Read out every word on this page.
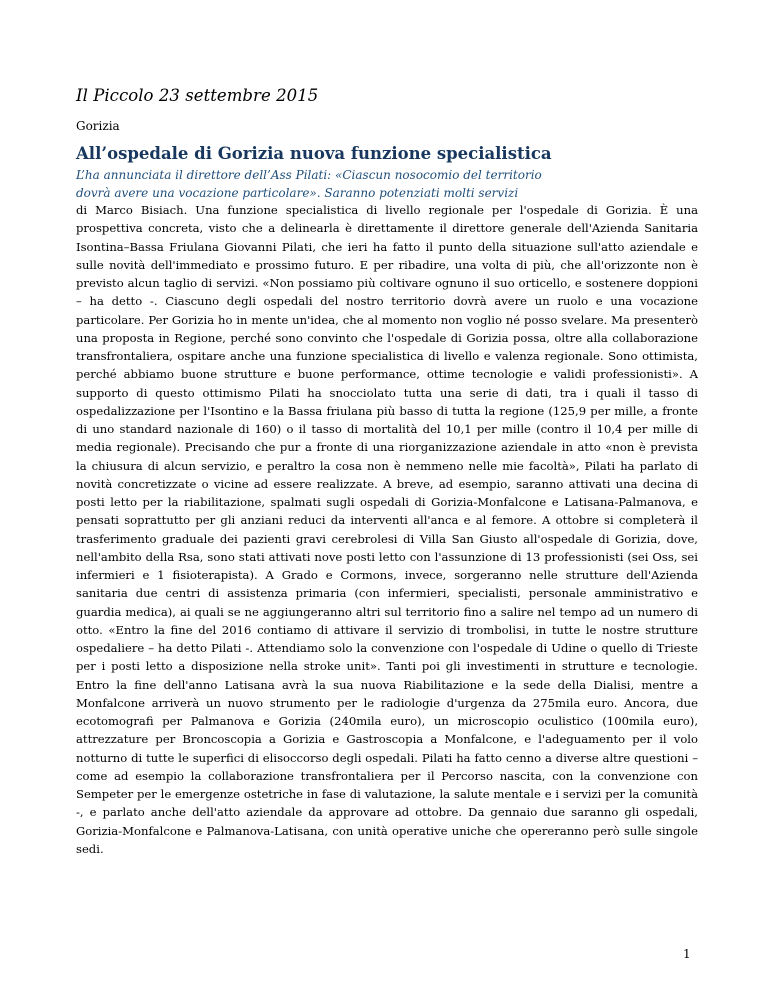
Il Piccolo 23 settembre 2015
Gorizia
All’ospedale di Gorizia nuova funzione specialistica
L’ha annunciata il direttore dell’Ass Pilati: «Ciascun nosocomio del territorio
dovrà avere una vocazione particolare». Saranno potenziati molti servizi

di Marco Bisiach. Una funzione specialistica di livello regionale per l'ospedale di Gorizia. È una prospettiva concreta, visto che a delinearla è direttamente il direttore generale dell'Azienda Sanitaria Isontina–Bassa Friulana Giovanni Pilati, che ieri ha fatto il punto della situazione sull'atto aziendale e sulle novità dell'immediato e prossimo futuro. E per ribadire, una volta di più, che all'orizzonte non è previsto alcun taglio di servizi. «Non possiamo più coltivare ognuno il suo orticello, e sostenere doppioni – ha detto -. Ciascuno degli ospedali del nostro territorio dovrà avere un ruolo e una vocazione particolare. Per Gorizia ho in mente un'idea, che al momento non voglio né posso svelare. Ma presenterò una proposta in Regione, perché sono convinto che l'ospedale di Gorizia possa, oltre alla collaborazione transfrontaliera, ospitare anche una funzione specialistica di livello e valenza regionale. Sono ottimista, perché abbiamo buone strutture e buone performance, ottime tecnologie e validi professionisti». A supporto di questo ottimismo Pilati ha snocciolato tutta una serie di dati, tra i quali il tasso di ospedalizzazione per l'Isontino e la Bassa friulana più basso di tutta la regione (125,9 per mille, a fronte di uno standard nazionale di 160) o il tasso di mortalità del 10,1 per mille (contro il 10,4 per mille di media regionale). Precisando che pur a fronte di una riorganizzazione aziendale in atto «non è prevista la chiusura di alcun servizio, e peraltro la cosa non è nemmeno nelle mie facoltà», Pilati ha parlato di novità concretizzate o vicine ad essere realizzate. A breve, ad esempio, saranno attivati una decina di posti letto per la riabilitazione, spalmati sugli ospedali di Gorizia-Monfalcone e Latisana-Palmanova, e pensati soprattutto per gli anziani reduci da interventi all'anca e al femore. A ottobre si completerà il trasferimento graduale dei pazienti gravi cerebrolesi di Villa San Giusto all'ospedale di Gorizia, dove, nell'ambito della Rsa, sono stati attivati nove posti letto con l'assunzione di 13 professionisti (sei Oss, sei infermieri e 1 fisioterapista). A Grado e Cormons, invece, sorgeranno nelle strutture dell'Azienda sanitaria due centri di assistenza primaria (con infermieri, specialisti, personale amministrativo e guardia medica), ai quali se ne aggiungeranno altri sul territorio fino a salire nel tempo ad un numero di otto. «Entro la fine del 2016 contiamo di attivare il servizio di trombolisi, in tutte le nostre strutture ospedaliere – ha detto Pilati -. Attendiamo solo la convenzione con l'ospedale di Udine o quello di Trieste per i posti letto a disposizione nella stroke unit». Tanti poi gli investimenti in strutture e tecnologie. Entro la fine dell'anno Latisana avrà la sua nuova Riabilitazione e la sede della Dialisi, mentre a Monfalcone arriverà un nuovo strumento per le radiologie d'urgenza da 275mila euro. Ancora, due ecotomografi per Palmanova e Gorizia (240mila euro), un microscopio oculistico (100mila euro), attrezzature per Broncoscopia a Gorizia e Gastroscopia a Monfalcone, e l'adeguamento per il volo notturno di tutte le superfici di elisoccorso degli ospedali. Pilati ha fatto cenno a diverse altre questioni – come ad esempio la collaborazione transfrontaliera per il Percorso nascita, con la convenzione con Sempeter per le emergenze ostetriche in fase di valutazione, la salute mentale e i servizi per la comunità -, e parlato anche dell'atto aziendale da approvare ad ottobre. Da gennaio due saranno gli ospedali, Gorizia-Monfalcone e Palmanova-Latisana, con unità operative uniche che opereranno però sulle singole sedi.

1
